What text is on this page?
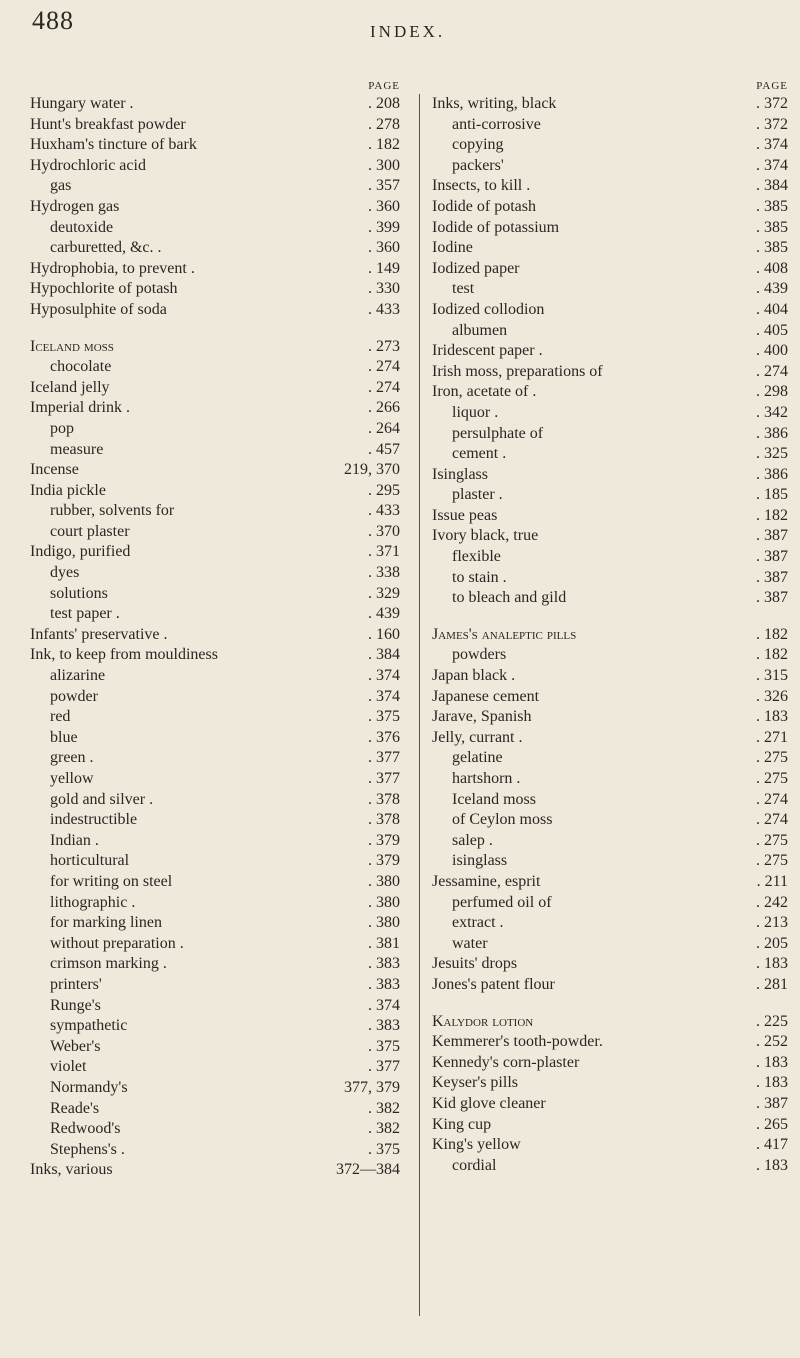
488	INDEX.
PAGE
Hungary water .	. 208
Hunt's breakfast powder	. 278
Huxham's tincture of bark	. 182
Hydrochloric acid	. 300
gas	. 357
Hydrogen gas	. 360
deutoxide	. 399
carburetted, &c. .	. 360
Hydrophobia, to prevent .	. 149
Hypochlorite of potash	. 330
Hyposulphite of soda	. 433
Iceland moss	. 273
chocolate	. 274
Iceland jelly	. 274
Imperial drink .	. 266
pop	. 264
measure	. 457
Incense	219, 370
India pickle	. 295
rubber, solvents for	. 433
court plaster	. 370
Indigo, purified	. 371
dyes	. 338
solutions	. 329
test paper .	. 439
Infants' preservative .	. 160
Ink, to keep from mouldiness	. 384
alizarine	. 374
powder	. 374
red	. 375
blue	. 376
green .	. 377
yellow	. 377
gold and silver .	. 378
indestructible	. 378
Indian .	. 379
horticultural	. 379
for writing on steel	. 380
lithographic .	. 380
for marking linen	. 380
without preparation .	. 381
crimson marking .	. 383
printers'	. 383
Runge's	. 374
sympathetic	. 383
Weber's	. 375
violet	. 377
Normandy's	377, 379
Reade's	. 382
Redwood's	. 382
Stephens's .	. 375
Inks, various	372—384
PAGE
Inks, writing, black	. 372
anti-corrosive	. 372
copying	. 374
packers'	. 374
Insects, to kill .	. 384
Iodide of potash	. 385
Iodide of potassium	. 385
Iodine	. 385
Iodized paper	. 408
test	. 439
Iodized collodion	. 404
albumen	. 405
Iridescent paper .	. 400
Irish moss, preparations of	. 274
Iron, acetate of .	. 298
liquor .	. 342
persulphate of	. 386
cement .	. 325
Isinglass	. 386
plaster .	. 185
Issue peas	. 182
Ivory black, true	. 387
flexible	. 387
to stain .	. 387
to bleach and gild	. 387
James's analeptic pills	. 182
powders	. 182
Japan black .	. 315
Japanese cement	. 326
Jarave, Spanish	. 183
Jelly, currant .	. 271
gelatine	. 275
hartshorn .	. 275
Iceland moss	. 274
of Ceylon moss	. 274
salep .	. 275
isinglass	. 275
Jessamine, esprit	. 211
perfumed oil of	. 242
extract .	. 213
water	. 205
Jesuits' drops	. 183
Jones's patent flour	. 281
Kalydor lotion	. 225
Kemmerer's tooth-powder.	. 252
Kennedy's corn-plaster	. 183
Keyser's pills	. 183
Kid glove cleaner	. 387
King cup	. 265
King's yellow	. 417
cordial	. 183
